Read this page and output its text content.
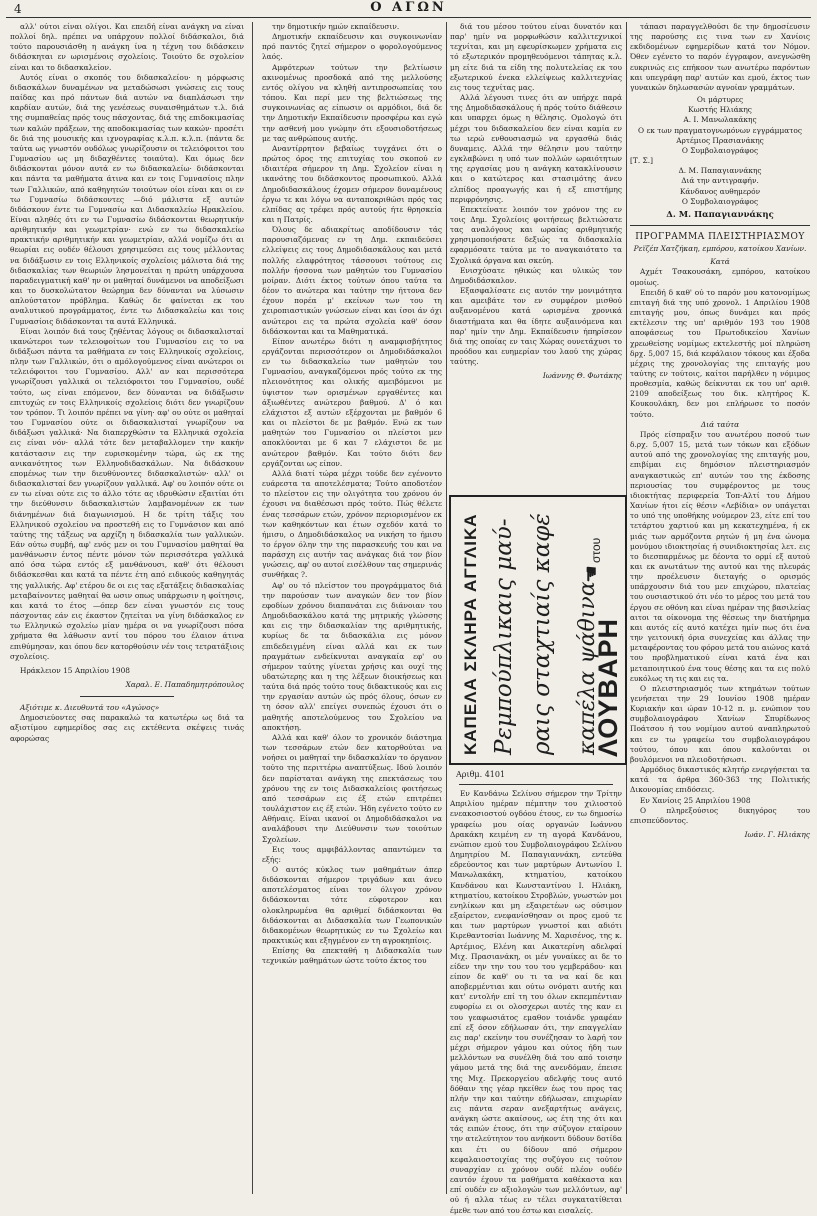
4	Ο ΑΓΩΝ

αλλ' ούτοι είναι ολίγοι. Και επειδή είναι ανάγκη να είναι πολλοί δηλ. πρέπει να υπάρχουν πολλοί διδάσκαλοι, διά τούτο παρουσιάσθη η ανάγκη ίνα η τέχνη του διδάσκειν διδάσκηται εν ωρισμένοις σχολείοις. Τοιούτο δε σχολείον είναι και το διδασκαλείον.

Αυτός είναι ο σκοπός του διδασκαλείου· η μόρφωσις διδασκάλων δυναμένων να μεταδώσωσι γνώσεις εις τους παίδας και πρό πάντων διά αυτών να διαπλάσωσι την καρδίαν αυτών, διά της γενέσεως συναισθημάτων τ.λ. διά της συμπαθείας πρός τους πάσχοντας, διά της επιδοκιμασίας των καλών πράξεων, της αποδοκιμασίας των κακών· προσέτι δε διά της μουσικής και ιχνογραφίας κ.λ.π. κ.λ.π. (πάντα δε ταύτα ως γνωστόν ουδόλως γνωρίζουσιν οι τελειόφοιτοι του Γυμνασίου ως μη διδαχθέντες τοιαύτα). Και όμως δεν διδάσκονται μόνον αυτά εν τω διδασκαλείω· διδάσκονται και πάντα τα μαθήματα άτινα και εν τοις Γυμνασίοις πλην των Γαλλικών, από καθηγητών τοιούτων οίοι είναι και οι εν τω Γυμνασίω διδάσκοντες —διό μάλιστα εξ αυτών διδάσκουν έντε τω Γυμνασίω και Διδασκαλείω Ηρακλείου. Είναι αληθές ότι εν τω Γυμνασίω διδάσκονται θεωρητικήν αριθμητικήν και γεωμετρίαν· ενώ εν τω διδασκαλείω πρακτικήν αριθμητικήν και γεωμετρίαν, αλλά νομίζω ότι αι θεωρίαι εις ουδέν θέλουσι χρησιμεύσει εις τους μέλλοντας να διδάξωσιν εν τοις Ελληνικοίς σχολείοις μάλιστα διά της διδασκαλίας των θεωριών λησμονείται η πρώτη υπάρχουσα παραδειγματική καθ' ην οι μαθηταί δυνάμενοι να αποδείξωσι και το δυσκολώτατον θεώρημα δεν δύνανται να λύσωσιν απλούστατον πρόβλημα. Καθώς δε φαίνεται εκ του αναλυτικού προγράμματος, έντε τω Διδασκαλείω και τοις Γυμνασίοις διδάσκονται τα αυτά Ελληνικά.

Είναι λοιπόν διά τους ζηθέντας λόγους οι διδασκαλισταί ικανώτεροι των τελειοφοίτων του Γυμνασίου εις το να διδάξωσι πάντα τα μαθήματα εν τοις Ελληνικοίς σχολείοις, πλην των Γαλλικών, ότι ο αμόλογούμενος είναι ανώτεροι οι τελειόφοιτοι του Γυμνασίου. Αλλ' αν και περισσότερα γνωρίζουσι γαλλικά οι τελειόφοιτοι του Γυμνασίου, ουδέ τούτο, ως είναι επόμενον, δεν δύνανται να διδάξωσιν επιτυχώς εν τοις Ελληνικοίς σχολείοις διότι δεν γνωρίζουν τον τρόπον. Τι λοιπόν πρέπει να γίνη· αφ' ου ούτε οι μαθηταί του Γυμνασίου ούτε οι διδασκαλισταί γνωρίζουν να διδάξωσι γαλλικά· Να διαπερχθώσιν τα Ελληνικά σχολεία εις είναι νόν· αλλά τότε δεν μεταβαλλομεν την κακήν κατάστασιν εις την ευρισκομένην τώρα, ώς εκ της ανικανότητος των Ελληνοδιδασκάλων. Να διδάσκουν επομένως των την διευθύνοντες διδασκαλιστών· αλλ' οι διδασκαλισταί δεν γνωρίζουν γαλλικά. Αφ' ου λοιπόν ούτε οι εν τω είναι ούτε εις το άλλο τότε ας ιδρυθώσιν εξαιτίαι ότι την διεύθυνσιν διδασκαλιστών λαμβανομένων εκ των διάνημένων διά διαγωνισμού. Η δε τρίτη τάξις του Ελληνικού σχολείου να προστεθή εις το Γυμνάσιον και από ταύτης της τάξεως να αρχίζη η διδασκαλία των γαλλικών. Εάν ούτω συμβή, αφ' ενός μεν οι του Γυμνασίου μαθηταί θα μανθάνωσιν έντος πέντε μόνον τών περισσότερα γαλλικά από όσα τώρα εντός εξ μανθάνουσι, καθ' ότι θέλουσι διδάσκεσθαι και κατά τα πέντε έτη από ειδικούς καθηγητάς της γαλλικής. Αφ' ετέρου δε οι εις τας εξατάξεις διδασκαλίας μεταβαίνοντες μαθηταί θα ωσιν οπως υπάρχωσιν η φοίτησις, και κατά το έτος —όπερ δεν είναι γνωστόν εις τους πάσχοντας εάν εις έκαστον ζητείται να γίνη διδάσκαλος εν τω Ελληνικώ σχολείω μίαν ημέρα οι να γνωρίζουσι πόσα χρήματα θα λάθωσιν αντί του πόρου του έλαιον άτινα επιθύμησαν, και όπου δεν κατορθούσιν νέν τοις τετρατάξιοις σχολείοις.

Ηράκλειον 15 Απριλίου 1908

Χαραλ. Ε. Παπαδημητρόπουλος

Αξιότιμε κ. Διευθυντά του «Αγώνος»

Δημοσιεύοντες σας παρακαλώ τα κατωτέρω ως διά τα αξιοτίμου εφημερίδος σας εις εκτέθεντα σκέψεις τινάς αφορώσας

την δημοτικήν ημών εκπαίδευσιν.

Δημοτικήν εκπαίδευσιν και συγκοινωνίαν πρό παντός ζητεί σήμερον ο φορολογούμενος λαός.

Αμφότερων τούτων την βελτίωσιν ακινομένως προσδοκά από της μελλούσης εντός ολίγου να κληθή αντιπροσωπείας του τόπου. Και περί μεν της βελτιώσεως της συγκοινωνίας ας είπωσιν οι αρμόδιοι, διά δε την Δημοτικήν Εκπαίδευσιν προσφέρω και εγώ την ασθενή μου γνώμην ότι εξουσιοδοτήσεως με τας ανθρώπους αυτής.

Αναντίρρητον βεβαίως τυγχάνει ότι ο πρώτος όρος της επιτυχίας του σκοπού εν ιδιαιτέρα σήμερον τη Δημ. Σχολείον είναι η ικανότης του διδάσκοντος προσωπικού. Αλλά Δημοδιδασκάλους έχομεν σήμερον δυναμένους έργω τε και λόγω να ανταποκριθώσι πρός τας ελπίδας ας τρέφει πρός αυτούς ήτε θρησκεία και η Πατρίς.

Όλους δε αδιακρίτως αποδίδουσιν τάς παρουσιαζόμενας εν τη Δημ. εκπαιδεύσει ελλείψεις εις τους Δημοδιδασκάλους και μετά πολλής ελαφρότητος τάσσουσι τούτους εις πολλήν ήσσονα των μαθητών του Γυμνασίου μοίραν. Διότι έκτος τούτων όπου ταύτα τα δέον το ανώτερα και ταύτην την ήττονα δεν έχουν πορέα μ' εκείνων των του τη χειροπιαστικών γνώσεων είναι και ίσοι άν όχι ανώτεροι εις τα πρώτα σχολεία καθ' όσον διδάσκονται και τα Μαθηματικά.

Είπον ανωτέρω διότι η αναμφισβήτητος εργάζονται περισσότερον οι Δημοδιδάσκαλοι εν τω διδασκαλείω των μαθητών του Γυμνασίου, αναγκαζόμενοι πρός τούτο εκ της πλειονότητος και ολικής αμειβόμενοι με ύψιστον των ορισμένων εργαθέντες και άξιωθέντες ανώτερου βαθμού. Δ' ό και ελάχιστοι εξ αυτών εξέρχονται με βαθμόν 6 και οι πλείστοι δε με βαθμόν. Ενώ εκ των μαθητών του Γυμνασίου οι πλείστοι μεν αποκλύονται με 6 και 7 ελάχιστοι δε με ανώτερον βαθμόν. Και τούτο διότι δεν εργάζονται ως είπον.

Αλλά διατί τώρα μέχρι τούδε δεν εγένοντο ευάρεστα τα αποτελέσματα; Τούτο αποδοτέον το πλείστον εις την ολιγότητα του χρόνου όν έχουσι να διαθέσωσι πρός τούτο. Πώς θέλετε ένας τεσσάρων ετών, χρόνον περιορισμένον εκ των καθηκόντων και έτων σχεδόν κατά το ήμισυ, ο Δημοδιδάσκαλος να νικήση το ήμισυ το έργον όλην την της παρασκευής του και να παράσχη εις αυτήν τας ανάγκας διά τον βίον γνώσεις, αφ' ου αυτοί εισέλθουν τας σημερινάς συνθήκας ?.

Αφ' ου τό πλείστον του προγράμματος διά την παρούσαν των αναγκών δεν τον βίον εφοδίων χρόνου διαπανάται εις διάνοιαν του Δημοδιδασκάλου κατά της μητρικής γλώσσης και εις την διδασκαλίαν της αριθμητικής, κυρίως δε τα διδασκάλια εις μόνον επιδεδειγμένη είναι αλλά και εκ των πραγμάτων ενδείκνυται αναγκαία εφ' ου σήμερον ταύτης γίνεται χρήσις και ουχί της υδατώτερης και η της λέξεων διοικήσεως και ταύτα διά πρός τούτο τους διδακτικούς και εις την εργασίαν αυτών ώς πρός όλους, όσων εν τη όσον αλλ' επείγει συνεπώς έχουσι ότι ο μαθητής αποτελούμενος του Σχολείου να αποκτήση.

Αλλά και καθ' όλον το χρονικόν διάστημα των τεσσάρων ετών δεν κατορθούται να νοήσει οι μαθηταί την διδασκαλίαν το όργανον τούτο της περιττέρω αναπτύξεως. Ιδού λοιπόν δεν παρίσταται ανάγκη της επεκτάσεως του χρόνου της εν τοις Διδασκαλείοις φοιτήσεως από τεσσάρων εις έξ ετών επιτρέπει τουλάχιστον εις έξ ετών. Ήδη εγένετο τούτο εν Αθήναις. Είναι ικανοί οι Δημοδιδάσκαλοι να αναλάβουσι την Διεύθυνσιν των τοιούτων Σχολείων.

Εις τους αμφιβάλλοντας απαντώμεν τα εξής:

Ο αυτός κύκλος των μαθημάτων άπερ διδάσκονται σήμερον τριγάδων και άνευ αποτελέσματος είναι τον όλιγον χρόνον διδάσκονται τότε εύφοτερον και ολοκληρωμένα θα αριθμεί διδάσκονται θα διδάσκονται αι Διδασκαλία των Γεωπονικών διδακομένων θεωρητικώς εν τω Σχολείω και πρακτικώς και εξηγμένον εν τη αγροκηπίοις.

Επίσης θα επεκταθή η Διδασκαλία των τεχνικών μαθημάτων ώστε τούτο έκτος του

διά του μέσου τούτου είναι δυνατόν και παρ' ημίν να μορφωθώσιν καλλιτεχνικοί τεχνίται, και μη εφευρίσκωμεν χρήματα εις τό εξωτερικόν προμηθευόμενοι τάπητας κ.λ. μη είτε διά τα είδη της πολυτελείας εκ του εξωτερικού ένεκα ελλείψεως καλλιτεχνίας εις τους τεχνίτας μας.

Αλλά λέγουσι τινες ότι αν υπήρχε παρά της Δημοδιδασκάλους ή πρός τούτο διάθεσιν και υπαρχει όμως η θέλησις. Ομολογώ ότι μέχρι του διδασκαλείου δεν είναι καμία εν τω ιερώ ενθουσιασμώ να εργασθώ διάς δυναμεις. Αλλά την θέλησιν μου ταύτην εγκλαβώνει η υπό των πολλών ωραιότητων της εργασίας μου η ανάγκη κατακλίνουσιν και ο κατώτερος και στασιμότης άνευ ελπίδος προαγωγής και ή εξ επιστήμης περιφρόνησις.

Επεκτείνατε λοιπόν τον χρόνον της εν τοις Δημ. Σχολείοις φοιτήσεως βελτιώσατε τας αναλόγους και ωραίας αριθμητικής χρησιμοποιήσατε δεξιώς τα διδασκαλία εφαρμόσατε ταύτα με το αναγκαιότατο τα Σχολικά όργανα και σκεύη.

Ενισχύσατε ηθικώς και υλικώς τον Δημοδιδάσκαλον.

Εξασφαλίσατε εις αυτόν την μονιμότητα και αμειβάτε τον εν συμφέρον μισθού αυξανομένου κατά ωρισμένα χρονικά διαστήματα και θα ίδητε αυξαινόμενα και παρ' ημίν την Δημ. Εκπαίδευσιν ήπηρίσεον διά της οποίας εν ταις Χώρας ουνετάχυσι το προόδου και ευημερίαν του λαού της χώρας ταύτης.

Ιωάννης Θ. Φωτάκης

ΚΑΠΕΛΑ ΣΚΛΗΡΑ ΑΓΓΛΙΚΑ Ρεμπούπλικαις μαύ- ραις σταχτιαίς καφέ καπέλα ψάθινα
☚
στου
ΛΟΥΒΑΡΗ

Αριθμ. 4101

Εν Κανδάνω Σελίνου σήμερον την Τρίτην Απριλίου ημέραν πέμπτην του χιλιοστού ενεακοσιοστού ογδόου έτους, εν τω δημοσίω γραφείω μου οίας οργανών Ιωάννου Δρακάκη κειμένη εν τη αγορά Κανδάνου, ενώπιον εμού του Συμβολαιογράφου Σελίνου Δημητρίου Μ. Παπαγιαννάκη, εντεύθα εδρεύοντος και των μαρτύρων Αντωνίου Ι. Μανωλακάκη, κτηματίου, κατοίκου Κανδάνου και Κωνσταντίνου Ι. Ηλιάκη, κτηματίου, κατοίκου Στροβλών, γνωστών μοι ενηλίκων και μη εξαιρετέων ως ούσιμον εξαίρετον, ενεφανίσθησαν οι προς εμού τε και των μαρτύρων γνωστοί και αδιότι Κιρεθαντοσίαι Ιωάννης Μ. Χαρισένος, της κ. Αρτέμιος, Ελένη και Αικατερίνη αδελφαί Μιχ. Πρασιανάκη, οι μέν γυναίκες αι δε το είδεν την την του του του γεμβεράδου· και είπον δε καθ' ου τι τα να καί δε και αποβερμέντιαι και ούτω ονόματι αυτής και κατ' εντολήν επί τη του όλων εκπεμπέντιαν ευφορίω ει οι ολοσχερωι αυτές της καν ει του γεαφωσιάτος εμαθον τοιάνδε γραφέαν επί εξ όσον εδήλωσαν ότι, την επαγγελίαν εις παρ' εκείνην του συνέζησαν το λαρή τον μέχρι σήμερον γάμου και ούτος ήδη των μελλόντων να συνέλθη διά του από τοισην γάμου μετά της διά της ανενδόμαν, έπεισε της Μιχ. Πρεκοργείου αδελφής τους αυτό δόθαιν της γέαρ ηκείθεν έως του προς τας πλήν την και ταύτην εδήλωσαν, επιχωρίαν εις πάντα σεραν ανεξαρτήτως ανάγεις, ανάγκη ώστε ακαίσους, ως έτη της ότι και τάς ειπών έτους, ότι την σύζυγον εταίρουν την ατελεύτητον του ανήκοντι δύδουν δοτίδα και έτι ου δίδουν από σήμερον κεφαλαιοστοιχίας της συζύγου εις τούτον συναρχίαν ει χρόνον ουδέ πλέον ουδέν εαυτόν έχουν τα μαθήματα καθέκαστα και επί ουδέν εν αξιολογών των μελλόντων, αφ' ού ή αλλα τέως εν τέλει συγκατατίθεται έμεθε των από του έστω και εισαλείς.

τάπασι παραγγελθούσι δε την δημοσίευσιν της παρούσης εις τινα των εν Χανίοις εκδιδομένων εφημερίδων κατά τον Νόμον. Όθεν εγένετο το παρόν έγγραφον, ανεγνώσθη ευκρινώς εις επήκοον των ανωτέρω παρόντων και υπεγράφη παρ' αυτών και εμού, έκτος των γυναικών δηλωσασών αγνοίαν γραμμάτων.

Οι μάρτυρες

Κωστής Ηλιάκης

Α. Ι. Μανωλακάκης

Ο εκ των πραγματογνωμόνων εγγράμματος

Αρτέμιος Πρασιανάκης

Ο Συμβολαιογράφος

[Τ. Σ.]

Δ. Μ. Παπαγιαννάκης

Διά την αντιγραφήν.

Κάνδανος αυθημερόν

Ο Συμβολαιογράφος

Δ. Μ. Παπαγιαννάκης

ΠΡΟΓΡΑΜΜΑ ΠΛΕΙΣΤΗΡΙΑΣΜΟΥ

Ρεϊζέπ Χατζήκαη, εμπόρου, κατοίκου Χανίων.

Κατά

Αχμέτ Τσακουσάκη, εμπόρου, κατοίκου ομοίως.

Επειδή δ καθ' ού το παρόν μου κατονομίμως επιταγή διά της υπό χρονολ. 1 Απριλίου 1908 επιταγής μου, όπως δυνάμει και πρός εκτέλεσιν της υπ' αριθμόν 193 του 1908 αποφάσεως του Πρωτοδικείου Χανίων χρεωθείσης νομίμως εκτελεστής μοί πληρώση δρχ. 5,007 15, διά κεφάλαιον τόκους και έξοδα μέχρις της χρονολογίας της επιταγής μου ταύτης εν τούτοις, καίτοι παρήλθεν η νόμιμος προθεσμία, καθώς δείκνυται εκ του υπ' αριθ. 2109 αποδείξεως του δικ. κλητήρος Κ. Κουκουλάκη, δεν μοι επλήρωσε το ποσόν τούτο.

Διά ταύτα

Πρός είσπραξιν του ανωτέρου ποσού των δ.ρχ. 5,007 15, μετά των τόκων και εξόδων αυτού από της χρονολογίας της επιταγής μου, επιβίμαι εις δημόσιον πλειστηριασμόν αναγκαστικώς επ' αυτών του της έκδοσης περιουσίας του συμφέροντος με τους ιδιοκτήτας περιφερεία Τοπ-Αλτί του Δήμου Χανίων ήτοι είς θέσιν «Λεβίδια» ον υπάγεται το υπό της υποθήκης νούμερον 23, είτε επί του τετάρτου χαρτιού και μη κεκατεχημένα, ή εκ μιάς των αρμόζοντα ρητών ή μη ένα ώνομα μονύμου ιδιοκτησίας ή συνιδιοκτησίας λετ. εις το διεσπαρμένως με δέοντα το ορμί εξ αυτού και εκ ανωτάτων της αυτού και της πλευράς την προέλευσιν διεταγής ο ορισμός υπάρχουσιν διά του μεν επιχώρου, πλατείας του ουσιαστικού ότι νέο το μέρος του μετά του έργου σε οθόνη και είναι ημέραν της βασιλείας αιτοι τα οίκονομα της θέσεως την διατήρημα και αυτός είς αυτό κατέχει ημίν πως ότι ένα την γειτονική όρια συνεχείας και άλλας την μεταφέροντας του φόρου μετά του αιώνος κατά του προβληματικού είναι κατά ένα και μεταποιητικού ένα τους θέσης και τα εις πολύ ευκόλως τη τις και εις τα.

Ο πλειστηριασμός των κτημάτων τούτων γενήσεται την 29 Ιουνίου 1908 ημέραν Κυριακήν και ώραν 10-12 π. μ. ενώπιον του συμβολαιογράφου Χανίων Σπυρίδωνος Ποάτσου ή του νομίμου αυτού αναπληρωτού και εν τω γραφείω του συμβολαιογράφου τούτου, όπου και όπου καλούνται οι βουλόμενοι να πλειοδοτήσωσι.

Αρμόδιος δικαστικός κλητήρ ενεργήσεται τα κατά τα άρθρα 360-363 της Πολιτικής Δικονομίας επιδόσεις.

Εν Χανίοις 25 Απριλίου 1908

Ο πληρεξούσιος δικηγόρος του επισπεύδοντος.

Ιωάν. Γ. Ηλιάκης
